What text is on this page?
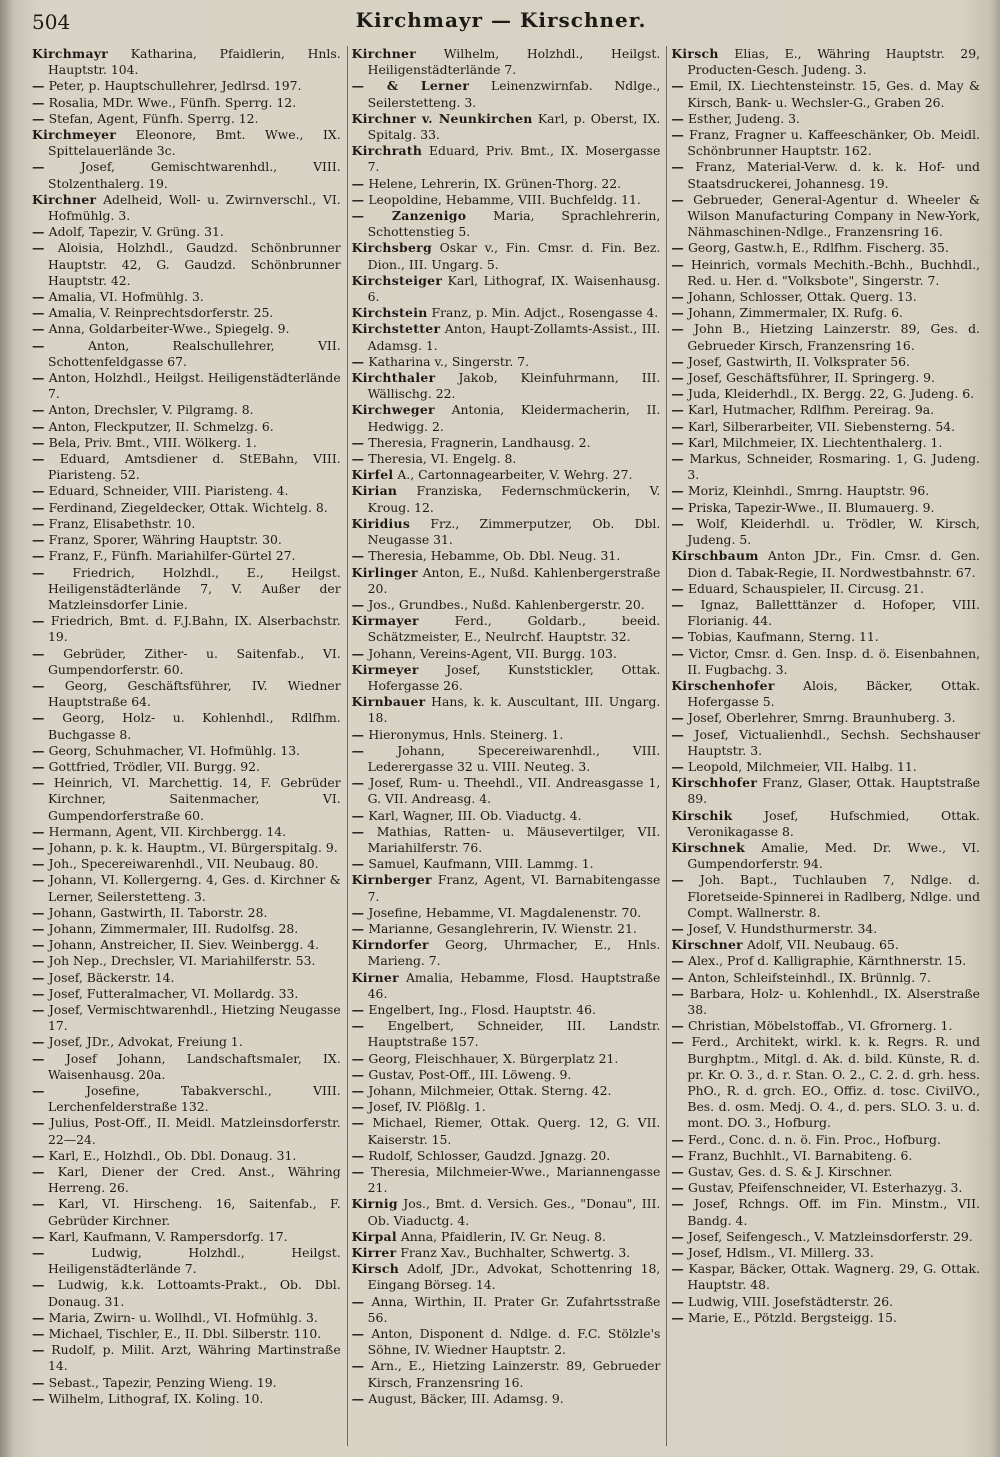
504	Kirchmayr — Kirschner.

Kirchmayr Katharina, Pfaidlerin, Hnls. Hauptstr. 104.

— Peter, p. Hauptschullehrer, Jedlrsd. 197.

— Rosalia, MDr. Wwe., Fünfh. Sperrg. 12.

— Stefan, Agent, Fünfh. Sperrg. 12.

Kirchmeyer Eleonore, Bmt. Wwe., IX. Spittelauerlände 3c.

—	Josef, Gemischtwarenhdl., VIII. Stolzenthalerg. 19.

Kirchner Adelheid, Woll- u. Zwirnverschl., VI. Hofmühlg. 3.

— Adolf, Tapezir, V. Grüng. 31.

— Aloisia, Holzhdl., Gaudzd. Schönbrunner Hauptstr. 42, G. Gaudzd. Schönbrunner Hauptstr. 42.

— Amalia, VI. Hofmühlg. 3.

— Amalia, V. Reinprechtsdorferstr. 25.

— Anna, Goldarbeiter-Wwe., Spiegelg. 9.

—	Anton, Realschullehrer, VII. Schottenfeldgasse 67.

— Anton, Holzhdl., Heilgst. Heiligenstädterlände 7.

— Anton, Drechsler, V. Pilgramg. 8.

— Anton, Fleckputzer, II. Schmelzg. 6.

— Bela, Priv. Bmt., VIII. Wölkerg. 1.

— Eduard, Amtsdiener d. StEBahn, VIII. Piaristeng. 52.

— Eduard, Schneider, VIII. Piaristeng. 4.

— Ferdinand, Ziegeldecker, Ottak. Wichtelg. 8.

— Franz, Elisabethstr. 10.

— Franz, Sporer, Währing Hauptstr. 30.

— Franz, F., Fünfh. Mariahilfer-Gürtel 27.

— Friedrich, Holzhdl., E., Heilgst. Heiligenstädterlände 7, V. Außer der Matzleinsdorfer Linie.

— Friedrich, Bmt. d. F.J.Bahn, IX. Alserbachstr. 19.

— Gebrüder, Zither- u. Saitenfab., VI. Gumpendorferstr. 60.

— Georg, Geschäftsführer, IV. Wiedner Hauptstraße 64.

— Georg, Holz- u. Kohlenhdl., Rdlfhm. Buchgasse 8.

— Georg, Schuhmacher, VI. Hofmühlg. 13.

— Gottfried, Trödler, VII. Burgg. 92.

— Heinrich, VI. Marchettig. 14, F. Gebrüder Kirchner, Saitenmacher, VI. Gumpendorferstraße 60.

— Hermann, Agent, VII. Kirchbergg. 14.

— Johann, p. k. k. Hauptm., VI. Bürgerspitalg. 9.

— Joh., Specereiwarenhdl., VII. Neubaug. 80.

— Johann, VI. Kollergerng. 4, Ges. d. Kirchner & Lerner, Seilerstetteng. 3.

— Johann, Gastwirth, II. Taborstr. 28.

— Johann, Zimmermaler, III. Rudolfsg. 28.

— Johann, Anstreicher, II. Siev. Weinbergg. 4.

— Joh Nep., Drechsler, VI. Mariahilferstr. 53.

— Josef, Bäckerstr. 14.

— Josef, Futteralmacher, VI. Mollardg. 33.

— Josef, Vermischtwarenhdl., Hietzing Neugasse 17.

— Josef, JDr., Advokat, Freiung 1.

— Josef Johann, Landschaftsmaler, IX. Waisenhausg. 20a.

—	Josefine, Tabakverschl., VIII. Lerchenfelderstraße 132.

— Julius, Post-Off., II. Meidl. Matzleinsdorferstr. 22—24.

— Karl, E., Holzhdl., Ob. Dbl. Donaug. 31.

— Karl, Diener der Cred. Anst., Währing Herreng. 26.

— Karl, VI. Hirscheng. 16, Saitenfab., F. Gebrüder Kirchner.

— Karl, Kaufmann, V. Rampersdorfg. 17.

—	Ludwig, Holzhdl., Heilgst. Heiligenstädterlände 7.

— Ludwig, k.k. Lottoamts-Prakt., Ob. Dbl. Donaug. 31.

— Maria, Zwirn- u. Wollhdl., VI. Hofmühlg. 3.

— Michael, Tischler, E., II. Dbl. Silberstr. 110.

— Rudolf, p. Milit. Arzt, Währing Martinstraße 14.

— Sebast., Tapezir, Penzing Wieng. 19.

— Wilhelm, Lithograf, IX. Koling. 10.

Kirchner Wilhelm, Holzhdl., Heilgst. Heiligenstädterlände 7.

— & Lerner Leinenzwirnfab. Ndlge., Seilerstetteng. 3.

Kirchner v. Neunkirchen Karl, p. Oberst, IX. Spitalg. 33.

Kirchrath Eduard, Priv. Bmt., IX. Mosergasse 7.

— Helene, Lehrerin, IX. Grünen-Thorg. 22.

— Leopoldine, Hebamme, VIII. Buchfeldg. 11.

— Zanzenigo Maria, Sprachlehrerin, Schottenstieg 5.

Kirchsberg Oskar v., Fin. Cmsr. d. Fin. Bez. Dion., III. Ungarg. 5.

Kirchsteiger Karl, Lithograf, IX. Waisenhausg. 6.

Kirchstein Franz, p. Min. Adjct., Rosengasse 4.

Kirchstetter Anton, Haupt-Zollamts-Assist., III. Adamsg. 1.

— Katharina v., Singerstr. 7.

Kirchthaler Jakob, Kleinfuhrmann, III. Wällischg. 22.

Kirchweger Antonia, Kleidermacherin, II. Hedwigg. 2.

— Theresia, Fragnerin, Landhausg. 2.

— Theresia, VI. Engelg. 8.

Kirfel A., Cartonnagearbeiter, V. Wehrg. 27.

Kirian Franziska, Federnschmückerin, V. Kroug. 12.

Kiridius Frz., Zimmerputzer, Ob. Dbl. Neugasse 31.

— Theresia, Hebamme, Ob. Dbl. Neug. 31.

Kirlinger Anton, E., Nußd. Kahlenbergerstraße 20.

— Jos., Grundbes., Nußd. Kahlenbergerstr. 20.

Kirmayer	Ferd., Goldarb., beeid. Schätzmeister, E., Neulrchf. Hauptstr. 32.

— Johann, Vereins-Agent, VII. Burgg. 103.

Kirmeyer Josef, Kunststickler, Ottak. Hofergasse 26.

Kirnbauer Hans, k. k. Auscultant, III. Ungarg. 18.

— Hieronymus, Hnls. Steinerg. 1.

—	Johann, Specereiwarenhdl., VIII. Lederergasse 32 u. VIII. Neuteg. 3.

— Josef, Rum- u. Theehdl., VII. Andreasgasse 1, G. VII. Andreasg. 4.

— Karl, Wagner, III. Ob. Viaductg. 4.

— Mathias, Ratten- u. Mäusevertilger, VII. Mariahilferstr. 76.

— Samuel, Kaufmann, VIII. Lammg. 1.

Kirnberger Franz, Agent, VI. Barnabitengasse 7.

— Josefine, Hebamme, VI. Magdalenenstr. 70.

— Marianne, Gesanglehrerin, IV. Wienstr. 21.

Kirndorfer Georg, Uhrmacher, E., Hnls. Marieng. 7.

Kirner Amalia, Hebamme, Flosd. Hauptstraße 46.

— Engelbert, Ing., Flosd. Hauptstr. 46.

— Engelbert, Schneider, III. Landstr. Hauptstraße 157.

— Georg, Fleischhauer, X. Bürgerplatz 21.

— Gustav, Post-Off., III. Löweng. 9.

— Johann, Milchmeier, Ottak. Sterng. 42.

— Josef, IV. Plößlg. 1.

— Michael, Riemer, Ottak. Querg. 12, G. VII. Kaiserstr. 15.

— Rudolf, Schlosser, Gaudzd. Jgnazg. 20.

— Theresia, Milchmeier-Wwe., Mariannengasse 21.

Kirnig Jos., Bmt. d. Versich. Ges., "Donau", III. Ob. Viaductg. 4.

Kirpal Anna, Pfaidlerin, IV. Gr. Neug. 8.

Kirrer Franz Xav., Buchhalter, Schwertg. 3.

Kirsch Adolf, JDr., Advokat, Schottenring 18, Eingang Börseg. 14.

— Anna, Wirthin, II. Prater Gr. Zufahrtsstraße 56.

— Anton, Disponent d. Ndlge. d. F.C. Stölzle's Söhne, IV. Wiedner Hauptstr. 2.

— Arn., E., Hietzing Lainzerstr. 89, Gebrueder Kirsch, Franzensring 16.

— August, Bäcker, III. Adamsg. 9.

Kirsch Elias, E., Währing Hauptstr. 29, Producten-Gesch. Judeng. 3.

— Emil, IX. Liechtensteinstr. 15, Ges. d. May & Kirsch, Bank- u. Wechsler-G., Graben 26.

— Esther, Judeng. 3.

— Franz, Fragner u. Kaffeeschänker, Ob. Meidl. Schönbrunner Hauptstr. 162.

— Franz, Material-Verw. d. k. k. Hof- und Staatsdruckerei, Johannesg. 19.

— Gebrueder, General-Agentur d. Wheeler & Wilson Manufacturing Company in New-York, Nähmaschinen-Ndlge., Franzensring 16.

— Georg, Gastw.h, E., Rdlfhm. Fischerg. 35.

— Heinrich, vormals Mechith.-Bchh., Buchhdl., Red. u. Her. d. "Volksbote", Singerstr. 7.

— Johann, Schlosser, Ottak. Querg. 13.

— Johann, Zimmermaler, IX. Rufg. 6.

— John B., Hietzing Lainzerstr. 89, Ges. d. Gebrueder Kirsch, Franzensring 16.

— Josef, Gastwirth, II. Volksprater 56.

— Josef, Geschäftsführer, II. Springerg. 9.

— Juda, Kleiderhdl., IX. Bergg. 22, G. Judeng. 6.

— Karl, Hutmacher, Rdlfhm. Pereirag. 9a.

— Karl, Silberarbeiter, VII. Siebensterng. 54.

— Karl, Milchmeier, IX. Liechtenthalerg. 1.

— Markus, Schneider, Rosmaring. 1, G. Judeng. 3.

— Moriz, Kleinhdl., Smrng. Hauptstr. 96.

— Priska, Tapezir-Wwe., II. Blumauerg. 9.

— Wolf, Kleiderhdl. u. Trödler, W. Kirsch, Judeng. 5.

Kirschbaum Anton JDr., Fin. Cmsr. d. Gen. Dion d. Tabak-Regie, II. Nordwestbahnstr. 67.

— Eduard, Schauspieler, II. Circusg. 21.

— Ignaz, Balletttänzer d. Hofoper, VIII. Florianig. 44.

— Tobias, Kaufmann, Sterng. 11.

— Victor, Cmsr. d. Gen. Insp. d. ö. Eisenbahnen, II. Fugbachg. 3.

Kirschenhofer Alois, Bäcker, Ottak. Hofergasse 5.

— Josef, Oberlehrer, Smrng. Braunhuberg. 3.

— Josef, Victualienhdl., Sechsh. Sechshauser Hauptstr. 3.

— Leopold, Milchmeier, VII. Halbg. 11.

Kirschhofer Franz, Glaser, Ottak. Hauptstraße 89.

Kirschik	Josef, Hufschmied, Ottak. Veronikagasse 8.

Kirschnek Amalie, Med. Dr. Wwe., VI. Gumpendorferstr. 94.

— Joh. Bapt., Tuchlauben 7, Ndlge. d. Floretseide-Spinnerei in Radlberg, Ndlge. und Compt. Wallnerstr. 8.

— Josef, V. Hundsthurmerstr. 34.

Kirschner Adolf, VII. Neubaug. 65.

— Alex., Prof d. Kalligraphie, Kärnthnerstr. 15.

— Anton, Schleifsteinhdl., IX. Brünnlg. 7.

— Barbara, Holz- u. Kohlenhdl., IX. Alserstraße 38.

— Christian, Möbelstoffab., VI. Gfrornerg. 1.

— Ferd., Architekt, wirkl. k. k. Regrs. R. und Burghptm., Mitgl. d. Ak. d. bild. Künste, R. d. pr. Kr. O. 3., d. r. Stan. O. 2., C. 2. d. grh. hess. PhO., R. d. grch. EO., Offiz. d. tosc. CivilVO., Bes. d. osm. Medj. O. 4., d. pers. SLO. 3. u. d. mont. DO. 3., Hofburg.

— Ferd., Conc. d. n. ö. Fin. Proc., Hofburg.

— Franz, Buchhlt., VI. Barnabiteng. 6.

— Gustav, Ges. d. S. & J. Kirschner.

— Gustav, Pfeifenschneider, VI. Esterhazyg. 3.

— Josef, Rchngs. Off. im Fin. Minstm., VII. Bandg. 4.

— Josef, Seifengesch., V. Matzleinsdorferstr. 29.

— Josef, Hdlsm., VI. Millerg. 33.

— Kaspar, Bäcker, Ottak. Wagnerg. 29, G. Ottak. Hauptstr. 48.

— Ludwig, VIII. Josefstädterstr. 26.

— Marie, E., Pötzld. Bergsteigg. 15.
